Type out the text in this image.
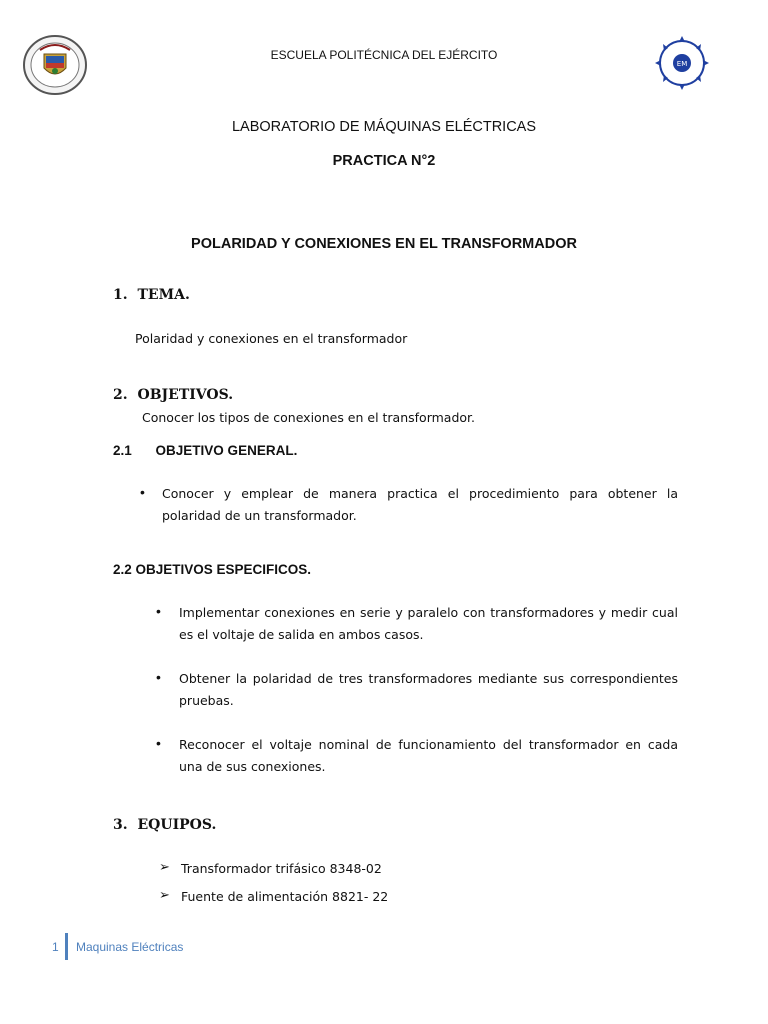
ESCUELA POLITÉCNICA DEL EJÉRCITO
EM
LABORATORIO DE MÁQUINAS ELÉCTRICAS
PRACTICA N°2
POLARIDAD Y CONEXIONES EN EL TRANSFORMADOR
1. TEMA.
Polaridad y conexiones en el transformador
2. OBJETIVOS.
Conocer los tipos de conexiones en el transformador.
2.1 OBJETIVO GENERAL.
• Conocer y emplear de manera practica el procedimiento para obtener la polaridad de un transformador.
2.2 OBJETIVOS ESPECIFICOS.
• Implementar conexiones en serie y paralelo con transformadores y medir cual es el voltaje de salida en ambos casos.
• Obtener la polaridad de tres transformadores mediante sus correspondientes pruebas.
• Reconocer el voltaje nominal de funcionamiento del transformador en cada una de sus conexiones.
3. EQUIPOS.
➢ Transformador trifásico 8348-02
➢ Fuente de alimentación 8821- 22
1 Maquinas Eléctricas
